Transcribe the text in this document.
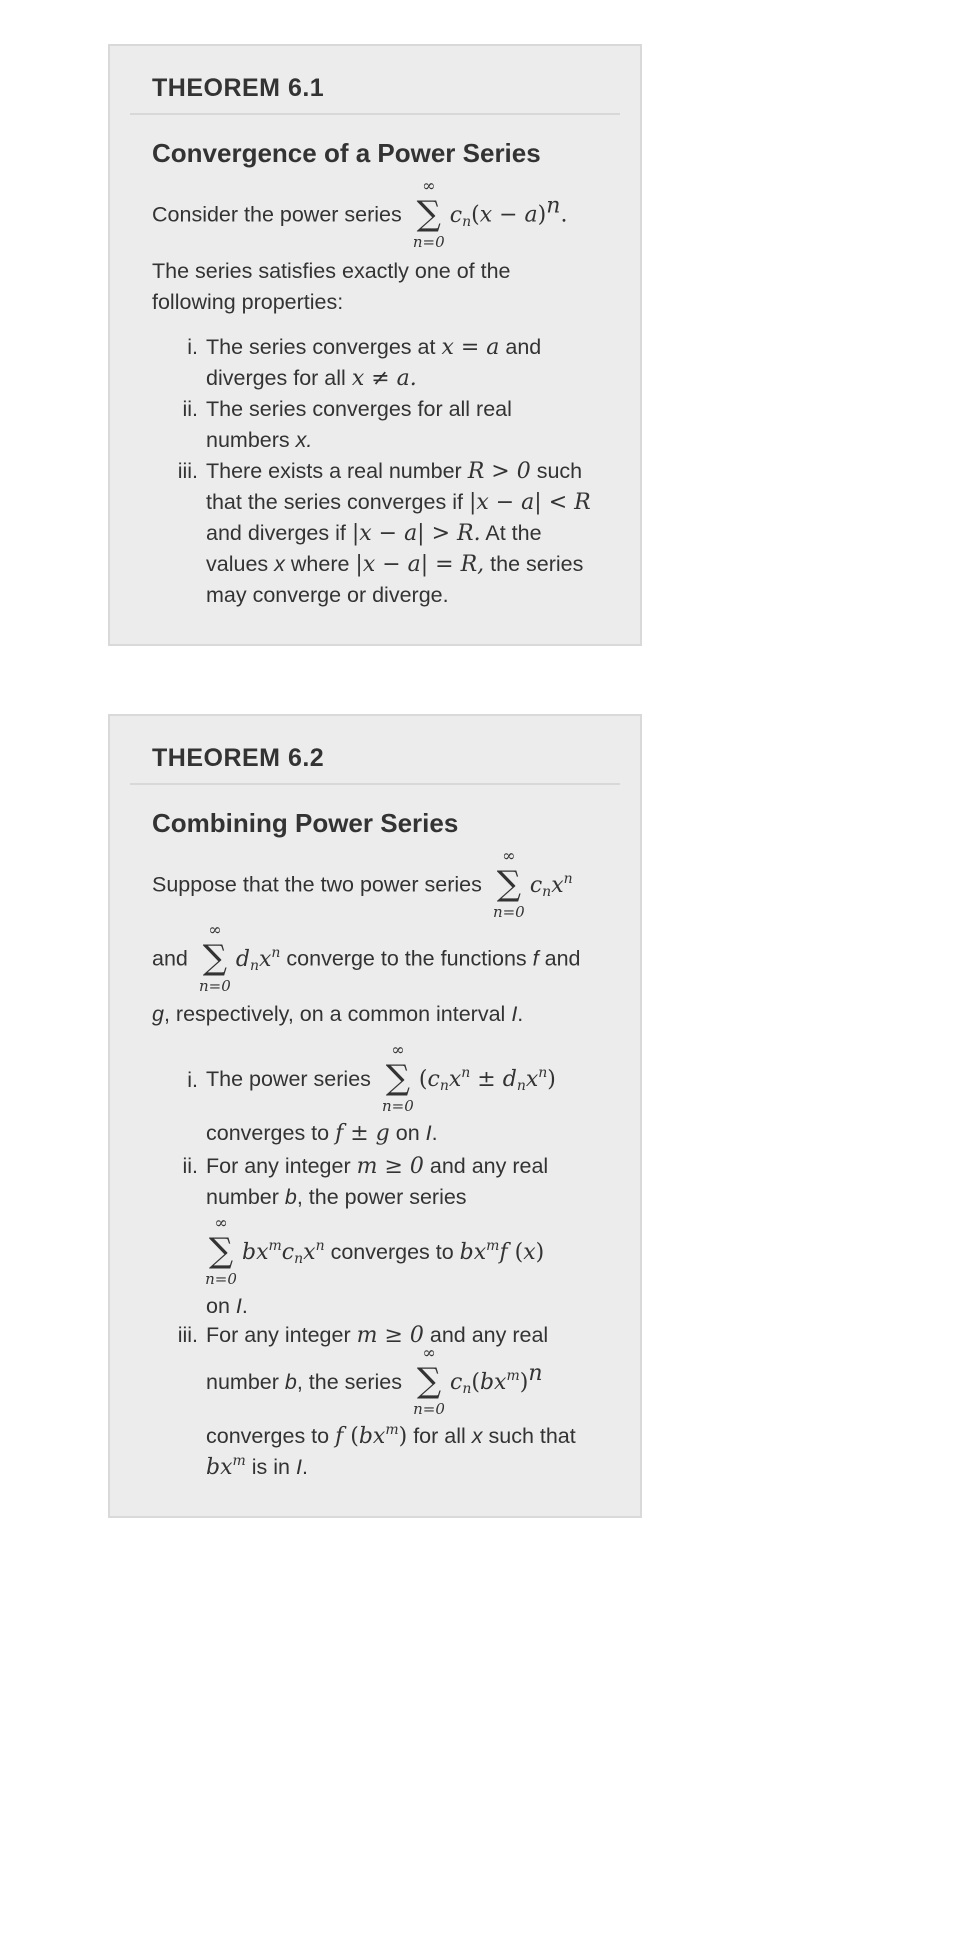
THEOREM 6.1
Convergence of a Power Series
Consider the power series
∞
∑
n=0
$c_n(x - a)^n$.
The series satisfies exactly one of the
following properties:
i. The series converges at x = a and
diverges for all x ≠ a.
ii. The series converges for all real
numbers x.
iii. There exists a real number R > 0 such
that the series converges if |x − a| < R
and diverges if |x − a| > R. At the
values x where |x − a| = R, the series
may converge or diverge.
THEOREM 6.2
Combining Power Series
Suppose that the two power series
∞
∑
n=0
$c_nx^n$
and
∞
∑
n=0
$d_nx^n$ converge to the functions f and
g, respectively, on a common interval I.
i. The power series
∞
∑
n=0
$(c_nx^n \pm d_nx^n)$
converges to f ± g on I.
ii. For any integer m ≥ 0 and any real
number b, the power series
∞
∑
n=0
$bx^mc_nx^n$ converges to $bx^mf$ (x)
on I.
iii. For any integer m ≥ 0 and any real
number b, the series
∞
∑
n=0
$c_n(bx^m)^n$
converges to f $(bx^m)$ for all x such that
$bx^m$ is in I.
